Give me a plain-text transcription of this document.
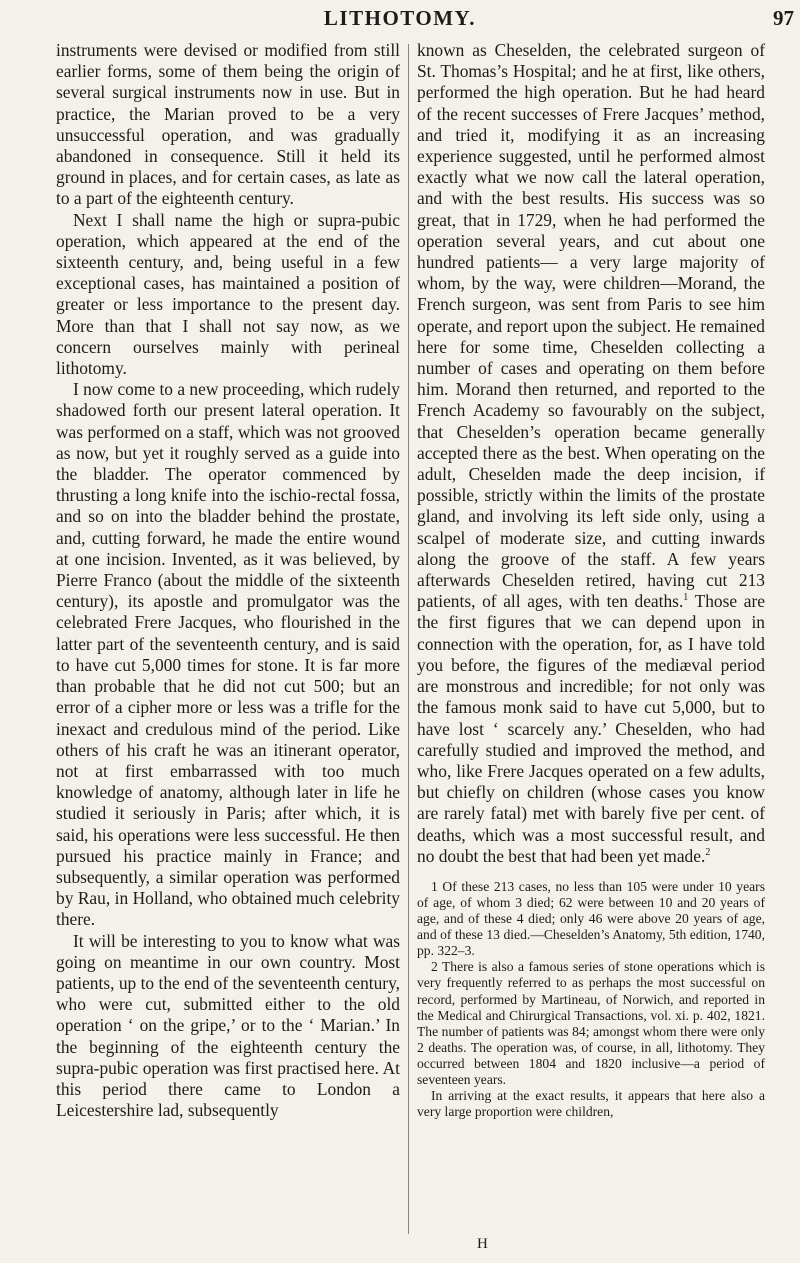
LITHOTOMY.	97

instruments were devised or modified from still earlier forms, some of them being the origin of several surgical instruments now in use. But in practice, the Marian proved to be a very unsuccessful operation, and was gradually abandoned in consequence. Still it held its ground in places, and for certain cases, as late as to a part of the eighteenth century.

Next I shall name the high or supra-pubic operation, which appeared at the end of the sixteenth century, and, being useful in a few exceptional cases, has maintained a position of greater or less importance to the present day. More than that I shall not say now, as we concern ourselves mainly with perineal lithotomy.

I now come to a new proceeding, which rudely shadowed forth our present lateral operation. It was performed on a staff, which was not grooved as now, but yet it roughly served as a guide into the bladder. The operator commenced by thrusting a long knife into the ischio-rectal fossa, and so on into the bladder behind the prostate, and, cutting forward, he made the entire wound at one incision. Invented, as it was believed, by Pierre Franco (about the middle of the sixteenth century), its apostle and promulgator was the celebrated Frere Jacques, who flourished in the latter part of the seventeenth century, and is said to have cut 5,000 times for stone. It is far more than probable that he did not cut 500; but an error of a cipher more or less was a trifle for the inexact and credulous mind of the period. Like others of his craft he was an itinerant operator, not at first embarrassed with too much knowledge of anatomy, although later in life he studied it seriously in Paris; after which, it is said, his operations were less successful. He then pursued his practice mainly in France; and subsequently, a similar operation was performed by Rau, in Holland, who obtained much celebrity there.

It will be interesting to you to know what was going on meantime in our own country. Most patients, up to the end of the seventeenth century, who were cut, submitted either to the old operation ‘ on the gripe,’ or to the ‘ Marian.’ In the beginning of the eighteenth century the supra-pubic operation was first practised here. At this period there came to London a Leicestershire lad, subsequently

known as Cheselden, the celebrated surgeon of St. Thomas’s Hospital; and he at first, like others, performed the high operation. But he had heard of the recent successes of Frere Jacques’ method, and tried it, modifying it as an increasing experience suggested, until he performed almost exactly what we now call the lateral operation, and with the best results. His success was so great, that in 1729, when he had performed the operation several years, and cut about one hundred patients— a very large majority of whom, by the way, were children—Morand, the French surgeon, was sent from Paris to see him operate, and report upon the subject. He remained here for some time, Cheselden collecting a number of cases and operating on them before him. Morand then returned, and reported to the French Academy so favourably on the subject, that Cheselden’s operation became generally accepted there as the best. When operating on the adult, Cheselden made the deep incision, if possible, strictly within the limits of the prostate gland, and involving its left side only, using a scalpel of moderate size, and cutting inwards along the groove of the staff. A few years afterwards Cheselden retired, having cut 213 patients, of all ages, with ten deaths.$^1$ Those are the first figures that we can depend upon in connection with the operation, for, as I have told you before, the figures of the mediæval period are monstrous and incredible; for not only was the famous monk said to have cut 5,000, but to have lost ‘ scarcely any.’ Cheselden, who had carefully studied and improved the method, and who, like Frere Jacques operated on a few adults, but chiefly on children (whose cases you know are rarely fatal) met with barely five per cent. of deaths, which was a most successful result, and no doubt the best that had been yet made.$^2$

1 Of these 213 cases, no less than 105 were under 10 years of age, of whom 3 died; 62 were between 10 and 20 years of age, and of these 4 died; only 46 were above 20 years of age, and of these 13 died.—Cheselden’s Anatomy, 5th edition, 1740, pp. 322–3.

2 There is also a famous series of stone operations which is very frequently referred to as perhaps the most successful on record, performed by Martineau, of Norwich, and reported in the Medical and Chirurgical Transactions, vol. xi. p. 402, 1821. The number of patients was 84; amongst whom there were only 2 deaths. The operation was, of course, in all, lithotomy. They occurred between 1804 and 1820 inclusive—a period of seventeen years.

In arriving at the exact results, it appears that here also a very large proportion were children,

H
